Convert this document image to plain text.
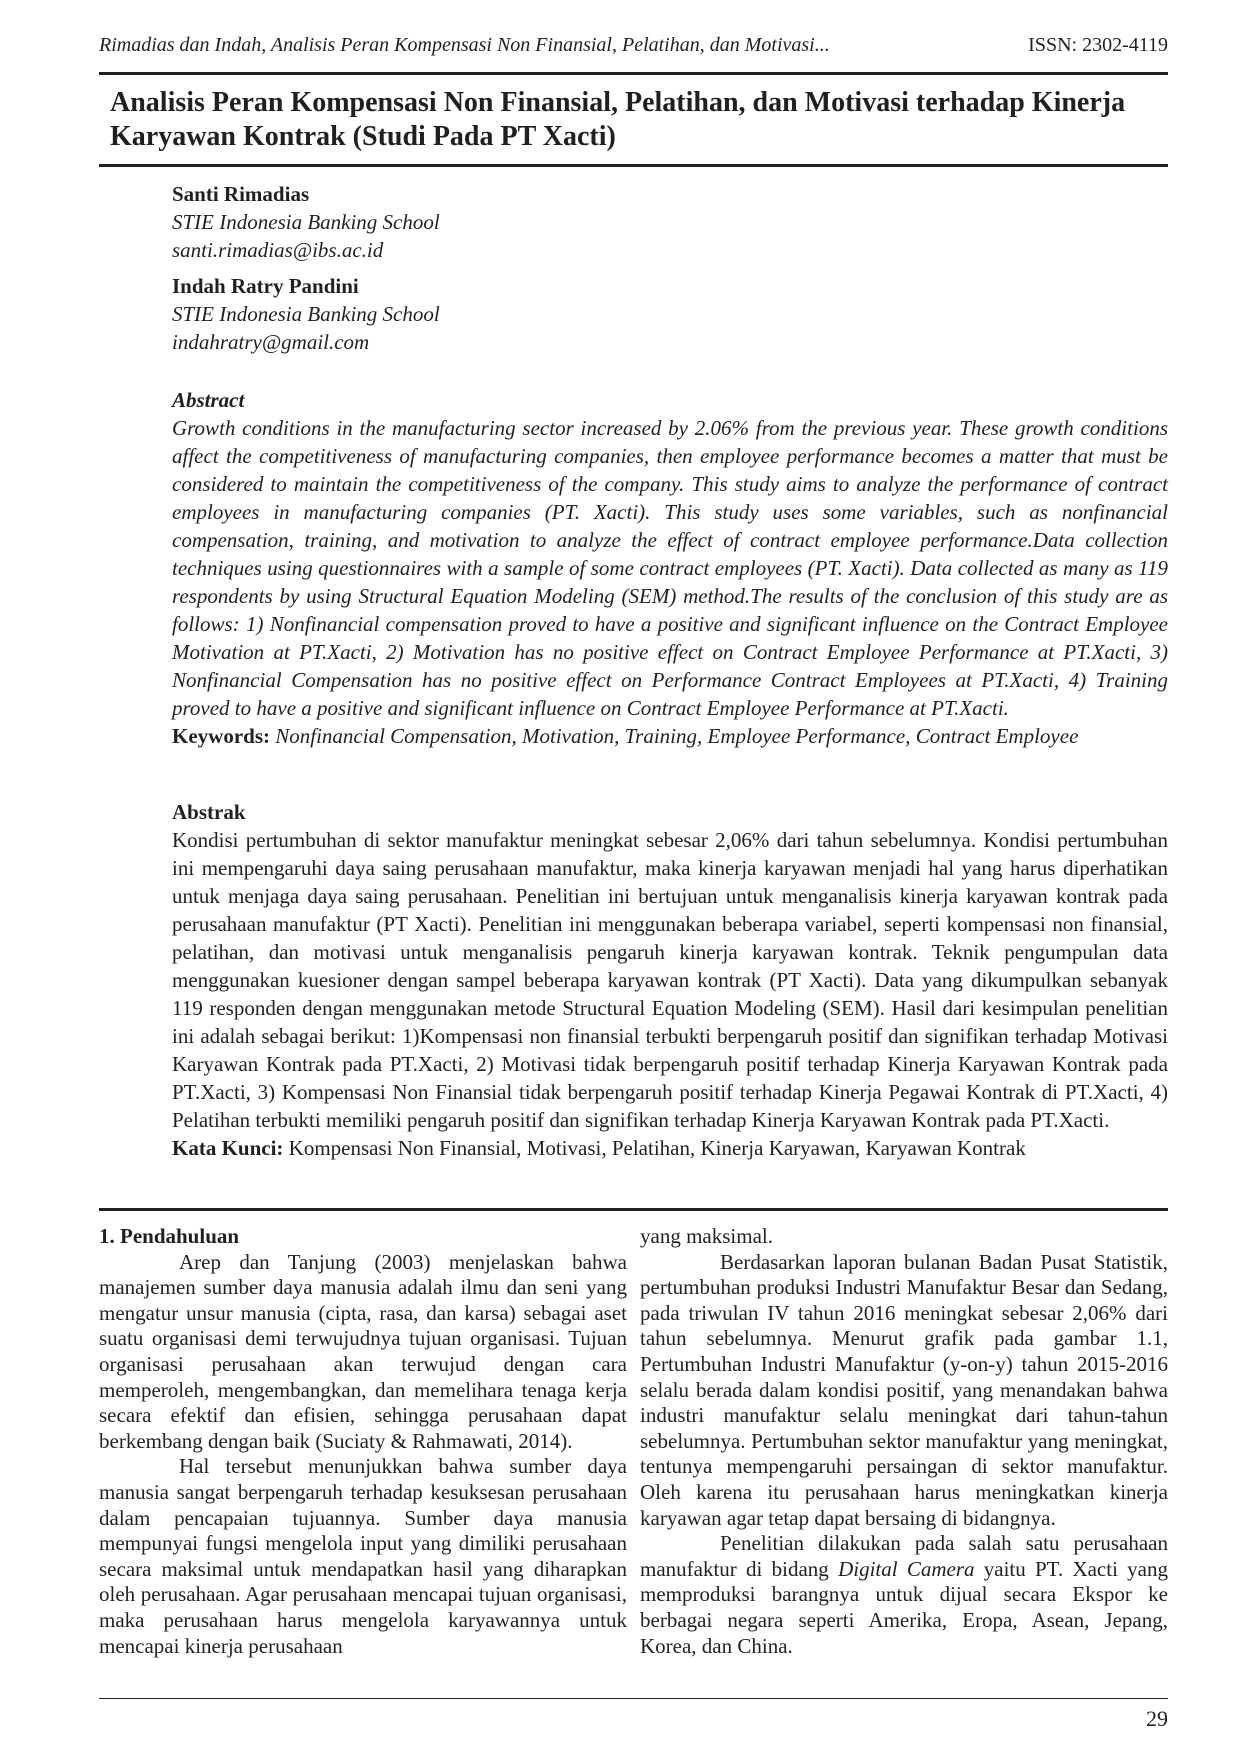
Rimadias dan Indah, Analisis Peran Kompensasi Non Finansial, Pelatihan, dan Motivasi...	ISSN: 2302-4119
Analisis Peran Kompensasi Non Finansial, Pelatihan, dan Motivasi terhadap Kinerja Karyawan Kontrak (Studi Pada PT Xacti)
Santi Rimadias
STIE Indonesia Banking School
santi.rimadias@ibs.ac.id
Indah Ratry Pandini
STIE Indonesia Banking School
indahratry@gmail.com
Abstract

Growth conditions in the manufacturing sector increased by 2.06% from the previous year. These growth conditions affect the competitiveness of manufacturing companies, then employee performance becomes a matter that must be considered to maintain the competitiveness of the company. This study aims to analyze the performance of contract employees in manufacturing companies (PT. Xacti). This study uses some variables, such as nonfinancial compensation, training, and motivation to analyze the effect of contract employee performance.Data collection techniques using questionnaires with a sample of some contract employees (PT. Xacti). Data collected as many as 119 respondents by using Structural Equation Modeling (SEM) method.The results of the conclusion of this study are as follows: 1) Nonfinancial compensation proved to have a positive and significant influence on the Contract Employee Motivation at PT.Xacti, 2) Motivation has no positive effect on Contract Employee Performance at PT.Xacti, 3) Nonfinancial Compensation has no positive effect on Performance Contract Employees at PT.Xacti, 4) Training proved to have a positive and significant influence on Contract Employee Performance at PT.Xacti.

Keywords: Nonfinancial Compensation, Motivation, Training, Employee Performance, Contract Employee
Abstrak

Kondisi pertumbuhan di sektor manufaktur meningkat sebesar 2,06% dari tahun sebelumnya. Kondisi pertumbuhan ini mempengaruhi daya saing perusahaan manufaktur, maka kinerja karyawan menjadi hal yang harus diperhatikan untuk menjaga daya saing perusahaan. Penelitian ini bertujuan untuk menganalisis kinerja karyawan kontrak pada perusahaan manufaktur (PT Xacti). Penelitian ini menggunakan beberapa variabel, seperti kompensasi non finansial, pelatihan, dan motivasi untuk menganalisis pengaruh kinerja karyawan kontrak. Teknik pengumpulan data menggunakan kuesioner dengan sampel beberapa karyawan kontrak (PT Xacti). Data yang dikumpulkan sebanyak 119 responden dengan menggunakan metode Structural Equation Modeling (SEM). Hasil dari kesimpulan penelitian ini adalah sebagai berikut: 1)Kompensasi non finansial terbukti berpengaruh positif dan signifikan terhadap Motivasi Karyawan Kontrak pada PT.Xacti, 2) Motivasi tidak berpengaruh positif terhadap Kinerja Karyawan Kontrak pada PT.Xacti, 3) Kompensasi Non Finansial tidak berpengaruh positif terhadap Kinerja Pegawai Kontrak di PT.Xacti, 4) Pelatihan terbukti memiliki pengaruh positif dan signifikan terhadap Kinerja Karyawan Kontrak pada PT.Xacti.

Kata Kunci: Kompensasi Non Finansial, Motivasi, Pelatihan, Kinerja Karyawan, Karyawan Kontrak
1. Pendahuluan

Arep dan Tanjung (2003) menjelaskan bahwa manajemen sumber daya manusia adalah ilmu dan seni yang mengatur unsur manusia (cipta, rasa, dan karsa) sebagai aset suatu organisasi demi terwujudnya tujuan organisasi. Tujuan organisasi perusahaan akan terwujud dengan cara memperoleh, mengembangkan, dan memelihara tenaga kerja secara efektif dan efisien, sehingga perusahaan dapat berkembang dengan baik (Suciaty & Rahmawati, 2014).

Hal tersebut menunjukkan bahwa sumber daya manusia sangat berpengaruh terhadap kesuksesan perusahaan dalam pencapaian tujuannya. Sumber daya manusia mempunyai fungsi mengelola input yang dimiliki perusahaan secara maksimal untuk mendapatkan hasil yang diharapkan oleh perusahaan. Agar perusahaan mencapai tujuan organisasi, maka perusahaan harus mengelola karyawannya untuk mencapai kinerja perusahaan

yang maksimal.

Berdasarkan laporan bulanan Badan Pusat Statistik, pertumbuhan produksi Industri Manufaktur Besar dan Sedang, pada triwulan IV tahun 2016 meningkat sebesar 2,06% dari tahun sebelumnya. Menurut grafik pada gambar 1.1, Pertumbuhan Industri Manufaktur (y-on-y) tahun 2015-2016 selalu berada dalam kondisi positif, yang menandakan bahwa industri manufaktur selalu meningkat dari tahun-tahun sebelumnya. Pertumbuhan sektor manufaktur yang meningkat, tentunya mempengaruhi persaingan di sektor manufaktur. Oleh karena itu perusahaan harus meningkatkan kinerja karyawan agar tetap dapat bersaing di bidangnya.

Penelitian dilakukan pada salah satu perusahaan manufaktur di bidang Digital Camera yaitu PT. Xacti yang memproduksi barangnya untuk dijual secara Ekspor ke berbagai negara seperti Amerika, Eropa, Asean, Jepang, Korea, dan China.

29
